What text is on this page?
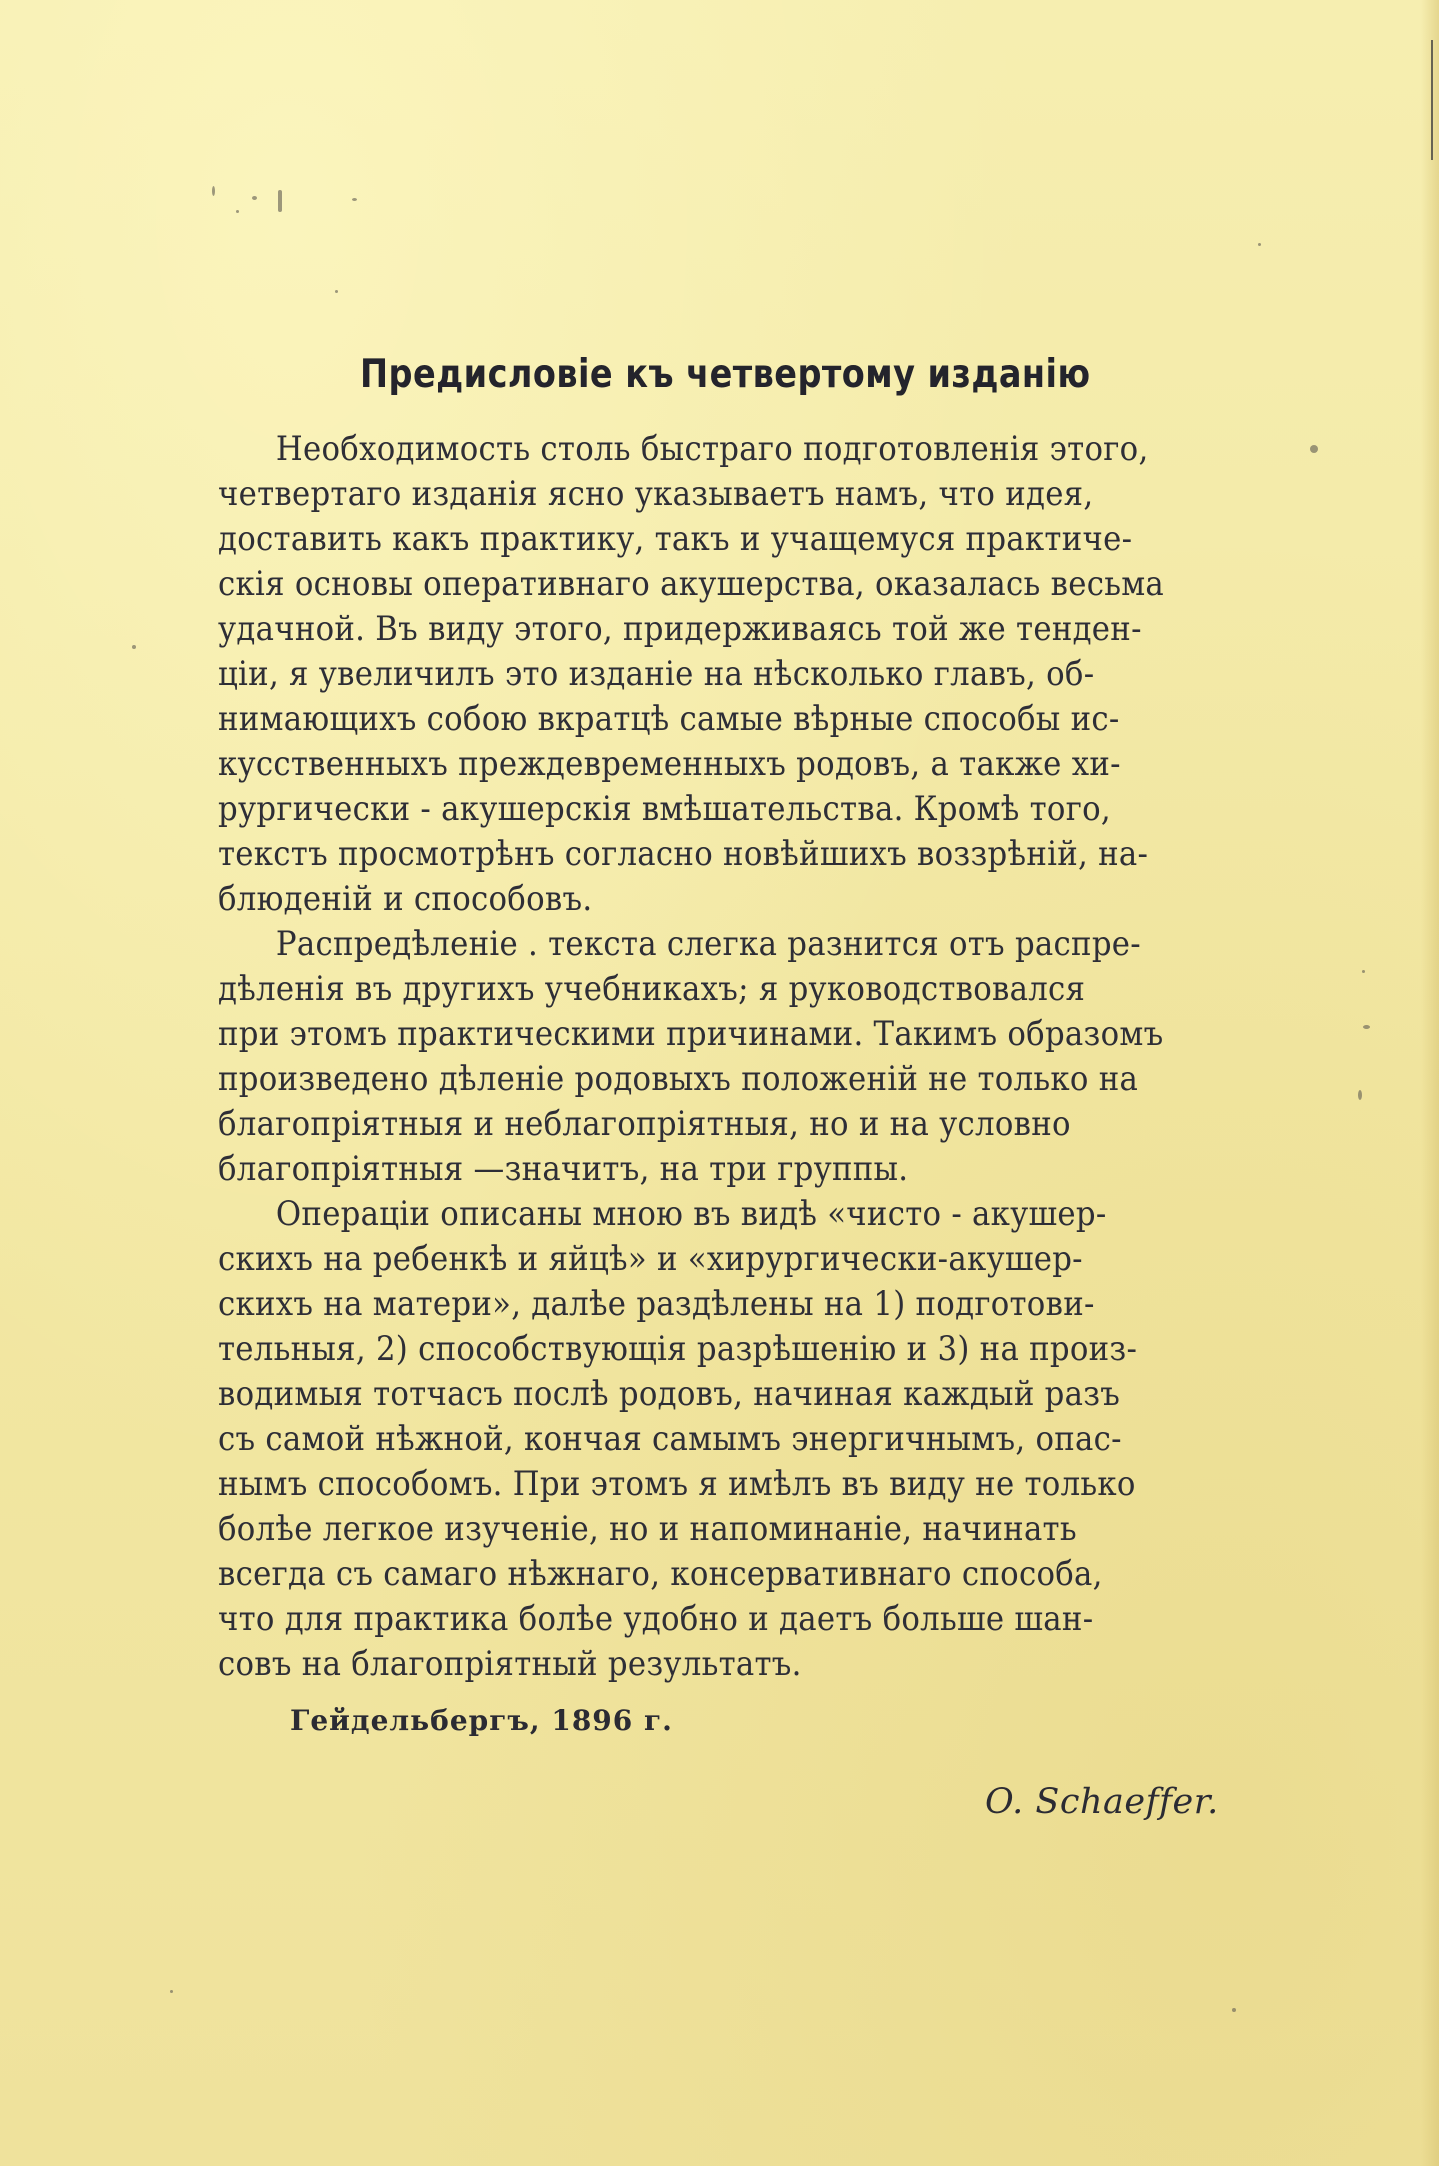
Предисловіе къ четвертому изданію
Необходимость столь быстраго подготовленія этого,
четвертаго изданія ясно указываетъ намъ, что идея,
доставить какъ практику, такъ и учащемуся практиче-
скія основы оперативнаго акушерства, оказалась весьма
удачной. Въ виду этого, придерживаясь той же тенден-
ціи, я увеличилъ это изданіе на нѣсколько главъ, об-
нимающихъ собою вкратцѣ самые вѣрные способы ис-
кусственныхъ преждевременныхъ родовъ, а также хи-
рургически - акушерскія вмѣшательства. Кромѣ того,
текстъ просмотрѣнъ согласно новѣйшихъ воззрѣній, на-
блюденій и способовъ.
Распредѣленіе . текста слегка разнится отъ распре-
дѣленія въ другихъ учебникахъ; я руководствовался
при этомъ практическими причинами. Такимъ образомъ
произведено дѣленіе родовыхъ положеній не только на
благопріятныя и неблагопріятныя, но и на условно
благопріятныя —значитъ, на три группы.
Операціи описаны мною въ видѣ «чисто - акушер-
скихъ на ребенкѣ и яйцѣ» и «хирургически-акушер-
скихъ на матери», далѣе раздѣлены на 1) подготови-
тельныя, 2) способствующія разрѣшенію и 3) на произ-
водимыя тотчасъ послѣ родовъ, начиная каждый разъ
съ самой нѣжной, кончая самымъ энергичнымъ, опас-
нымъ способомъ. При этомъ я имѣлъ въ виду не только
болѣе легкое изученіе, но и напоминаніе, начинать
всегда съ самаго нѣжнаго, консервативнаго способа,
что для практика болѣе удобно и даетъ больше шан-
совъ на благопріятный результатъ.
Гейдельбергъ, 1896 г.
O. Schaeffer.
